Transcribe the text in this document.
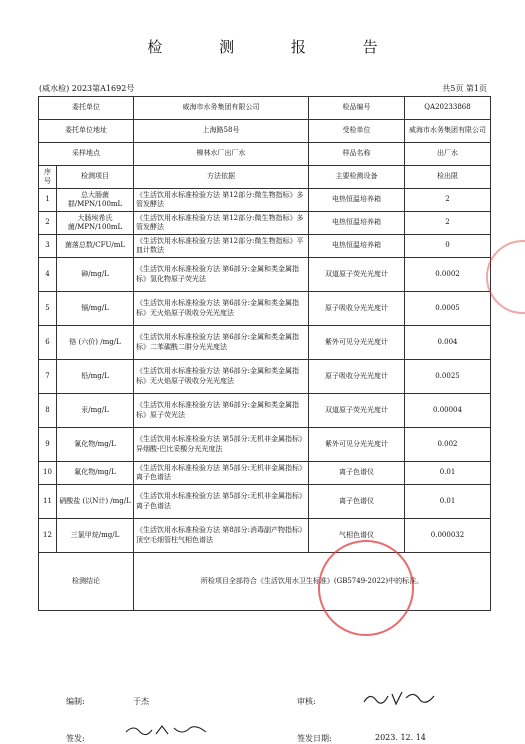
检 测 报 告
(威水检) 2023第A1692号	共5页 第1页
委托单位		威海市水务集团有限公司	检品编号	QA20233868
委托单位地址		上海路58号	受检单位	威海市水务集团有限公司
采样地点		柳林水厂出厂水	样品名称	出厂水
序号	检测项目	方法依据	主要检测设备	检出限
1	总大肠菌群/MPN/100mL	《生活饮用水标准检验方法 第12部分:微生物指标》多管发酵法	电热恒温培养箱	2
2	大肠埃希氏菌/MPN/100mL	《生活饮用水标准检验方法 第12部分:微生物指标》多管发酵法	电热恒温培养箱	2
3	菌落总数/CFU/mL	《生活饮用水标准检验方法 第12部分:微生物指标》平皿计数法	电热恒温培养箱	0
4	砷/mg/L	《生活饮用水标准检验方法 第6部分:金属和类金属指标》氢化物原子荧光法	双道原子荧光光度计	0.0002
5	镉/mg/L	《生活饮用水标准检验方法 第6部分:金属和类金属指标》无火焰原子吸收分光光度法	原子吸收分光光度计	0.0005
6	铬 (六价) /mg/L	《生活饮用水标准检验方法 第6部分:金属和类金属指标》二苯碳酰二肼分光光度法	紫外可见分光光度计	0.004
7	铅/mg/L	《生活饮用水标准检验方法 第6部分:金属和类金属指标》无火焰原子吸收分光光度法	原子吸收分光光度计	0.0025
8	汞/mg/L	《生活饮用水标准检验方法 第6部分:金属和类金属指标》原子荧光法	双道原子荧光光度计	0.00004
9	氰化物/mg/L	《生活饮用水标准检验方法 第5部分:无机非金属指标》异烟酸-巴比妥酸分光光度法	紫外可见分光光度计	0.002
10	氟化物/mg/L	《生活饮用水标准检验方法 第5部分:无机非金属指标》离子色谱法	离子色谱仪	0.01
11	硝酸盐 (以N计) /mg/L	《生活饮用水标准检验方法 第5部分:无机非金属指标》离子色谱法	离子色谱仪	0.01
12	三氯甲烷/mg/L	《生活饮用水标准检验方法 第8部分:消毒副产物指标》顶空毛细管柱气相色谱法	气相色谱仪	0.000032
检测结论		所检项目全部符合《生活饮用水卫生标准》(GB5749-2022)中的标准。		
编制:	于杰	审核:
签发:	签发日期:	2023. 12. 14
